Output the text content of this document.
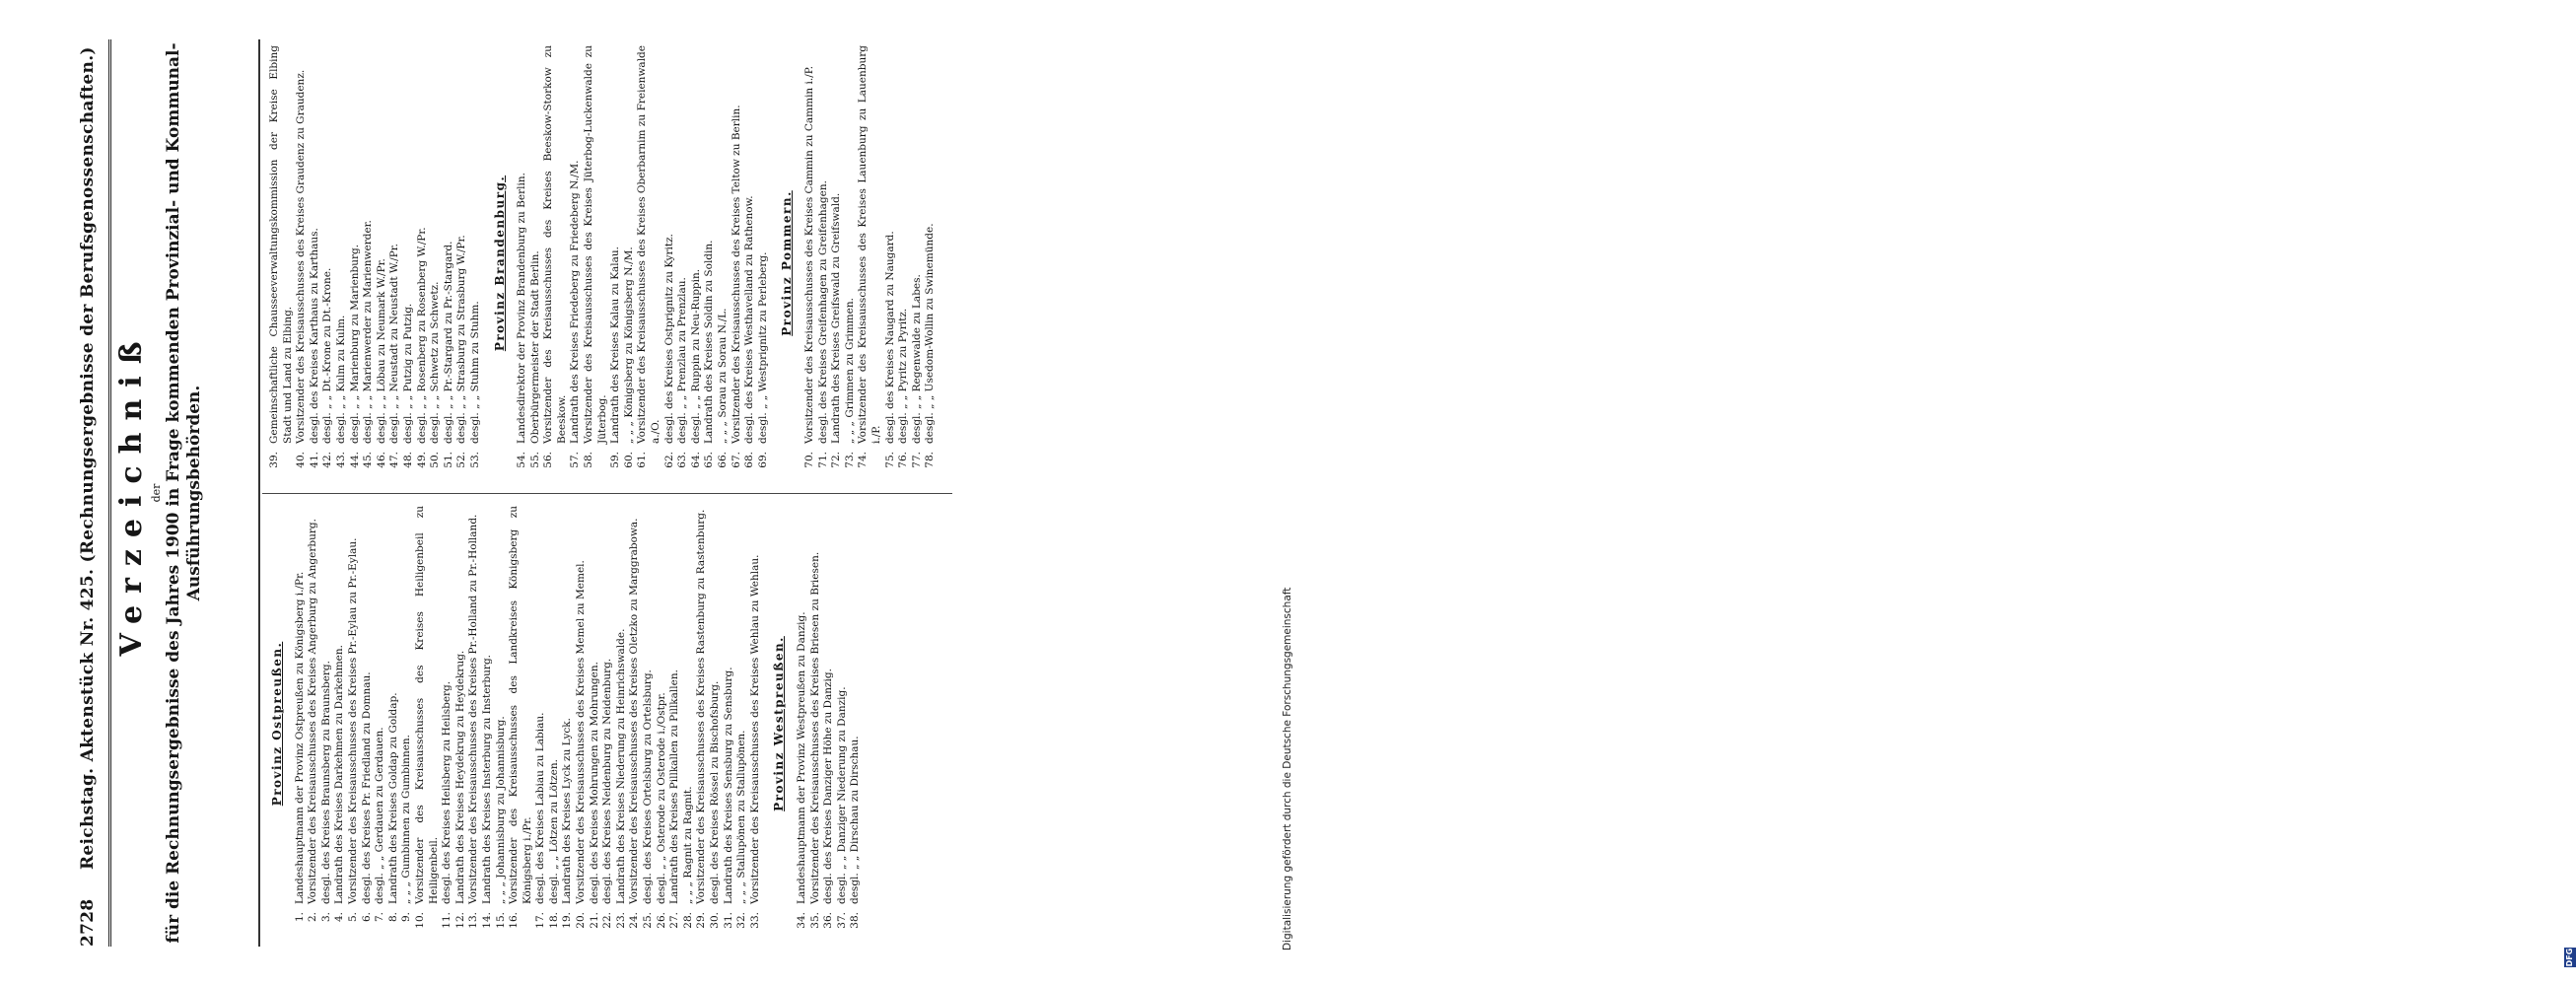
2728
Reichstag. Aktenstück Nr. 425. (Rechnungsergebnisse der Berufsgenossenschaften.) Verzeichniß der für die Rechnungsergebnisse des Jahres 1900 in Frage kommenden Provinzial- und Kommunal- Ausführungsbehörden.
Provinz Ostpreußen.
1.
Landeshauptmann der Provinz Ostpreußen zu Königsberg i./Pr.
2.
Vorsitzender des Kreisausschusses des Kreises Angerburg zu Angerburg.
3.
desgl. des Kreises Braunsberg zu Braunsberg.
4.
Landrath des Kreises Darkehmen zu Darkehmen.
5.
Vorsitzender des Kreisausschusses des Kreises Pr.-Eylau zu Pr.-Eylau.
6.
desgl. des Kreises Pr. Friedland zu Domnau.
7.
desgl. „ „ Gerdauen zu Gerdauen.
8.
Landrath des Kreises Goldap zu Goldap.
9.
„ „ „ Gumbinnen zu Gumbinnen.
10.
Vorsitzender des Kreisausschusses des Kreises Heiligenbeil zu Heiligenbeil.
11.
desgl. des Kreises Heilsberg zu Heilsberg.
12.
Landrath des Kreises Heydekrug zu Heydekrug.
13.
Vorsitzender des Kreisausschusses des Kreises Pr.-Holland zu Pr.-Holland.
14.
Landrath des Kreises Insterburg zu Insterburg.
15.
„ „ „ Johannisburg zu Johannisburg.
16.
Vorsitzender des Kreisausschusses des Landkreises Königsberg zu Königsberg i./Pr.
17.
desgl. des Kreises Labiau zu Labiau.
18.
desgl. „ „ Lötzen zu Lötzen.
19.
Landrath des Kreises Lyck zu Lyck.
20.
Vorsitzender des Kreisausschusses des Kreises Memel zu Memel.
21.
desgl. des Kreises Mohrungen zu Mohrungen.
22.
desgl. des Kreises Neidenburg zu Neidenburg.
23.
Landrath des Kreises Niederung zu Heinrichswalde.
24.
Vorsitzender des Kreisausschusses des Kreises Oletzko zu Marggrabowa.
25.
desgl. des Kreises Ortelsburg zu Ortelsburg.
26.
desgl. „ „ Osterode zu Osterode i./Ostpr.
27.
Landrath des Kreises Pillkallen zu Pillkallen.
28.
„ „ „ Ragnit zu Ragnit.
29.
Vorsitzender des Kreisausschusses des Kreises Rastenburg zu Rastenburg.
30.
desgl. des Kreises Rössel zu Bischofsburg.
31.
Landrath des Kreises Sensburg zu Sensburg.
32.
„ „ „ Stallupönen zu Stallupönen.
33.
Vorsitzender des Kreisausschusses des Kreises Wehlau zu Wehlau. Provinz Westpreußen.
34.
Landeshauptmann der Provinz Westpreußen zu Danzig.
35.
Vorsitzender des Kreisausschusses des Kreises Briesen zu Briesen.
36.
desgl. des Kreises Danziger Höhe zu Danzig.
37.
desgl. „ „ Danziger Niederung zu Danzig.
38.
desgl. „ „ Dirschau zu Dirschau.
39.
Gemeinschaftliche Chausseeverwaltungskommission der Kreise Elbing Stadt und Land zu Elbing.
40.
Vorsitzender des Kreisausschusses des Kreises Graudenz zu Graudenz.
41.
desgl. des Kreises Karthaus zu Karthaus.
42.
desgl. „ „ Dt.-Krone zu Dt.-Krone.
43.
desgl. „ „ Kulm zu Kulm.
44.
desgl. „ „ Marienburg zu Marienburg.
45.
desgl. „ „ Marienwerder zu Marienwerder.
46.
desgl. „ „ Löbau zu Neumark W./Pr.
47.
desgl. „ „ Neustadt zu Neustadt W./Pr.
48.
desgl. „ „ Putzig zu Putzig.
49.
desgl. „ „ Rosenberg zu Rosenberg W./Pr.
50.
desgl. „ „ Schwetz zu Schwetz.
51.
desgl. „ „ Pr.-Stargard zu Pr.-Stargard.
52.
desgl. „ „ Strasburg zu Strasburg W./Pr.
53.
desgl. „ „ Stuhm zu Stuhm.
Provinz Brandenburg.
54.
Landesdirektor der Provinz Brandenburg zu Berlin.
55.
Oberbürgermeister der Stadt Berlin.
56.
Vorsitzender des Kreisausschusses des Kreises Beeskow-Storkow zu Beeskow.
57.
Landrath des Kreises Friedeberg zu Friedeberg N./M.
58.
Vorsitzender des Kreisausschusses des Kreises Jüterbog-Luckenwalde zu Jüterbog.
59.
Landrath des Kreises Kalau zu Kalau.
60.
„ „ „ Königsberg zu Königsberg N./M.
61.
Vorsitzender des Kreisausschusses des Kreises Oberbarnim zu Freienwalde a./O.
62.
desgl. des Kreises Ostprignitz zu Kyritz.
63.
desgl. „ „ Prenzlau zu Prenzlau.
64.
desgl. „ „ Ruppin zu Neu-Ruppin.
65.
Landrath des Kreises Soldin zu Soldin.
66.
„ „ „ Sorau zu Sorau N./L.
67.
Vorsitzender des Kreisausschusses des Kreises Teltow zu Berlin.
68.
desgl. des Kreises Westhavelland zu Rathenow.
69.
desgl. „ „ Westprignitz zu Perleberg. Provinz Pommern.
70.
Vorsitzender des Kreisausschusses des Kreises Cammin zu Cammin i./P.
71.
desgl. des Kreises Greifenhagen zu Greifenhagen.
72.
Landrath des Kreises Greifswald zu Greifswald.
73.
„ „ „ Grimmen zu Grimmen.
74.
Vorsitzender des Kreisausschusses des Kreises Lauenburg zu Lauenburg i./P.
75.
desgl. des Kreises Naugard zu Naugard.
76.
desgl. „ „ Pyritz zu Pyritz.
77.
desgl. „ „ Regenwalde zu Labes.
78.
desgl. „ „ Usedom-Wollin zu Swinemünde.
DFG
Digitalisierung gefördert durch die Deutsche Forschungsgemeinschaft
